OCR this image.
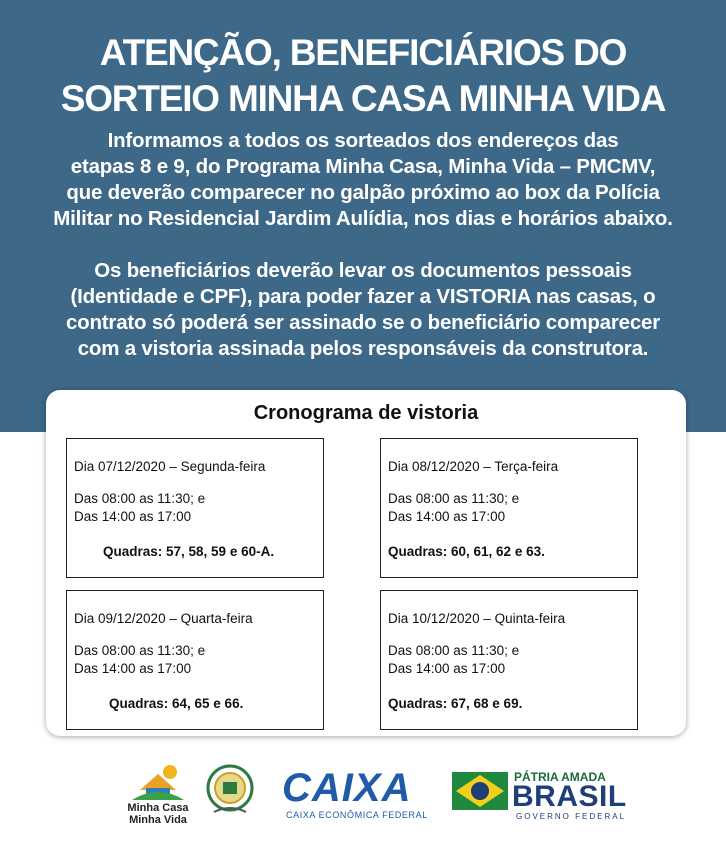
ATENÇÃO, BENEFICIÁRIOS DO
SORTEIO MINHA CASA MINHA VIDA
Informamos a todos os sorteados dos endereços das
etapas 8 e 9, do Programa Minha Casa, Minha Vida – PMCMV,
que deverão comparecer no galpão próximo ao box da Polícia
Militar no Residencial Jardim Aulídia, nos dias e horários abaixo.
Os beneficiários deverão levar os documentos pessoais
(Identidade e CPF), para poder fazer a VISTORIA nas casas, o
contrato só poderá ser assinado se o beneficiário comparecer
com a vistoria assinada pelos responsáveis da construtora.
Cronograma de vistoria
Dia 07/12/2020 – Segunda-feira
Das 08:00 as 11:30; e
Das 14:00 as 17:00
Quadras: 57, 58, 59 e 60-A.
Dia 08/12/2020 – Terça-feira
Das 08:00 as 11:30; e
Das 14:00 as 17:00
Quadras: 60, 61, 62 e 63.
Dia 09/12/2020 – Quarta-feira
Das 08:00 as 11:30; e
Das 14:00 as 17:00
Quadras: 64, 65 e 66.
Dia 10/12/2020 – Quinta-feira
Das 08:00 as 11:30; e
Das 14:00 as 17:00
Quadras: 67, 68 e 69.
Minha Casa
Minha Vida
CAIXA
CAIXA ECONÔMICA FEDERAL
PÁTRIA AMADA
BRASIL
GOVERNO FEDERAL
